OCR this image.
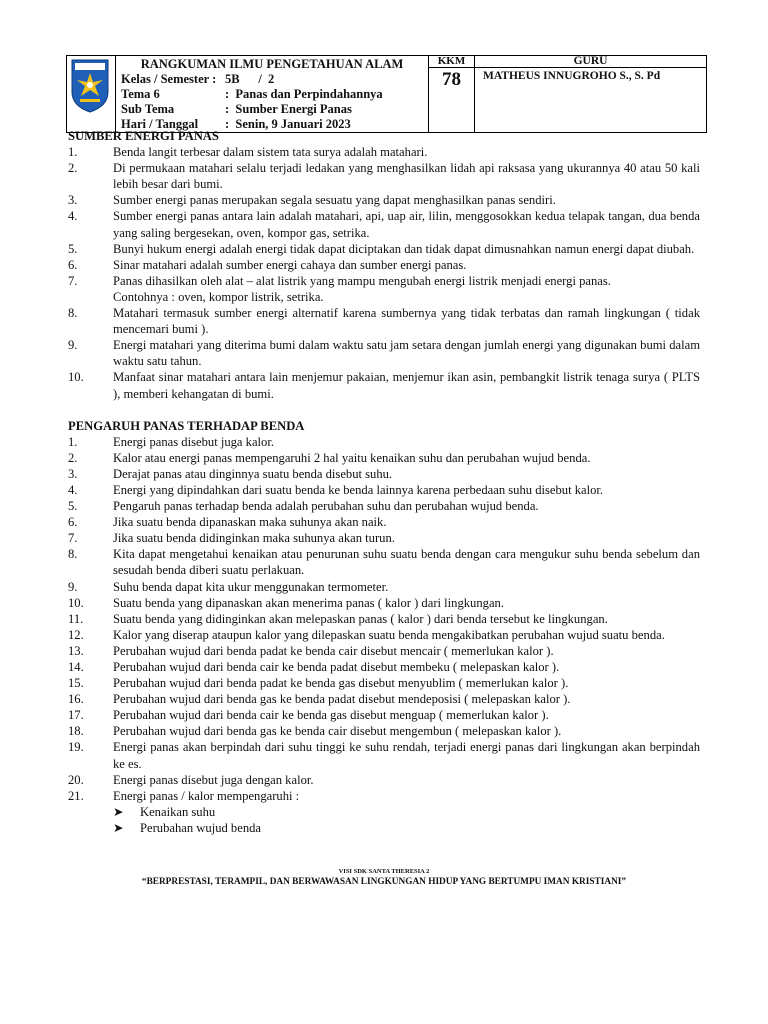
RANGKUMAN ILMU PENGETAHUAN ALAM
Kelas / Semester : 5B      /  2
Tema 6	:  Panas dan Perpindahannya
Sub Tema	:  Sumber Energi Panas
Hari / Tanggal	:  Senin, 9 Januari 2023

KKM
78

GURU
MATHEUS INNUGROHO S., S. Pd

SUMBER ENERGI PANAS

1.	Benda langit terbesar dalam sistem tata surya adalah matahari.
2.	Di permukaan matahari selalu terjadi ledakan yang menghasilkan lidah api raksasa yang ukurannya 40 atau 50 kali lebih besar dari bumi.
3.	Sumber energi panas merupakan segala sesuatu yang dapat menghasilkan panas sendiri.
4.	Sumber energi panas antara lain adalah matahari, api, uap air, lilin, menggosokkan kedua telapak tangan, dua benda yang saling bergesekan, oven, kompor gas, setrika.
5.	Bunyi hukum energi adalah energi tidak dapat diciptakan dan tidak dapat dimusnahkan namun energi dapat diubah.
6.	Sinar matahari adalah sumber energi cahaya dan sumber energi panas.
7.	Panas dihasilkan oleh alat – alat listrik yang mampu mengubah energi listrik menjadi energi panas.
Contohnya : oven, kompor listrik, setrika.
8.	Matahari termasuk sumber energi alternatif karena sumbernya yang tidak terbatas dan ramah lingkungan ( tidak mencemari bumi ).
9.	Energi matahari yang diterima bumi dalam waktu satu jam setara dengan jumlah energi yang digunakan bumi dalam waktu satu tahun.
10.	Manfaat sinar matahari antara lain menjemur pakaian, menjemur ikan asin, pembangkit listrik tenaga surya ( PLTS ), memberi kehangatan di bumi.

PENGARUH PANAS TERHADAP BENDA

1.	Energi panas disebut juga kalor.
2.	Kalor atau energi panas mempengaruhi 2 hal yaitu kenaikan suhu dan perubahan wujud benda.
3.	Derajat panas atau dinginnya suatu benda disebut suhu.
4.	Energi yang dipindahkan dari suatu benda ke benda lainnya karena perbedaan suhu disebut kalor.
5.	Pengaruh panas terhadap benda adalah perubahan suhu dan perubahan wujud benda.
6.	Jika suatu benda dipanaskan maka suhunya akan naik.
7.	Jika suatu benda didinginkan maka suhunya akan turun.
8.	Kita dapat mengetahui kenaikan atau penurunan suhu suatu benda dengan cara mengukur suhu benda sebelum dan sesudah benda diberi suatu perlakuan.
9.	Suhu benda dapat kita ukur menggunakan termometer.
10.	Suatu benda yang dipanaskan akan menerima panas ( kalor ) dari lingkungan.
11.	Suatu benda yang didinginkan akan melepaskan panas ( kalor ) dari benda tersebut ke lingkungan.
12.	Kalor yang diserap ataupun kalor yang dilepaskan suatu benda mengakibatkan perubahan wujud suatu benda.
13.	Perubahan wujud dari benda padat ke benda cair disebut mencair ( memerlukan kalor ).
14.	Perubahan wujud dari benda cair ke benda padat disebut membeku ( melepaskan kalor ).
15.	Perubahan wujud dari benda padat ke benda gas disebut menyublim ( memerlukan kalor ).
16.	Perubahan wujud dari benda gas ke benda padat disebut mendeposisi ( melepaskan kalor ).
17.	Perubahan wujud dari benda cair ke benda gas disebut menguap ( memerlukan kalor ).
18.	Perubahan wujud dari benda gas ke benda cair disebut mengembun ( melepaskan kalor ).
19.	Energi panas akan berpindah dari suhu tinggi ke suhu rendah, terjadi energi panas dari lingkungan akan berpindah ke es.
20.	Energi panas disebut juga dengan kalor.
21.	Energi panas / kalor mempengaruhi :
➤	Kenaikan suhu
➤	Perubahan wujud benda
VISI SDK SANTA THERESIA 2
“BERPRESTASI, TERAMPIL, DAN BERWAWASAN LINGKUNGAN HIDUP YANG BERTUMPU IMAN KRISTIANI”
